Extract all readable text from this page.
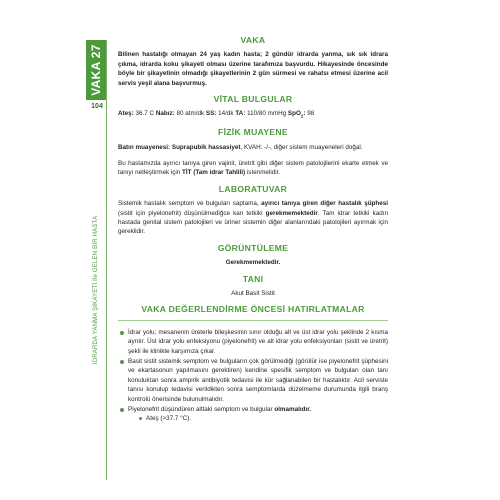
VAKA 27
104
İDRARDA YANMA ŞİKAYETİ İle GELEN BİR HASTA
VAKA

Bilinen hastalığı olmayan 24 yaş kadın hasta; 2 gündür idrarda yanma, sık sık idrara çıkma, idrarda koku şikayeti olması üzerine tarafımıza başvurdu. Hikayesinde öncesinde böyle bir şikayetinin olmadığı şikayetlerinin 2 gün sürmesi ve rahatsı etmesi üzerine acil servis yeşil alana başvurmuş.

VİTAL BULGULAR

Ateş: 36.7 C Nabız: 80 atm/dk SS: 14/dk TA: 110/80 mmHg SpO$_2$: 98

FİZİK MUAYENE

Batın muayenesi: Suprapubik hassasiyet, KVAH: -/-, diğer sistem muayeneleri doğal.

Bu hastamızda ayırıcı tanıya giren vajinit, üretrit gibi diğer sistem patolojilerini ekarte etmek ve tanıyı netleştirmek için TİT (Tam idrar Tahlili) istenmelidir.

LABORATUVAR

Sistemik hastalık semptom ve bulguları saptama, ayırıcı tanıya giren diğer hastalık şüphesi (sistit için piyelonefrit) düşünülmediğce kan tetkiki gerekmemektedir. Tam idrar tetkiki kadın hastada genital sistem patolojileri ve üriner sistemin diğer alanlarındaki patolojileri ayırmak için gereklidir.

GÖRÜNTÜLEME

Gerekmemektedir.

TANI

Akut Basit Sistit

VAKA DEĞERLENDİRME ÖNCESİ HATIRLATMALAR
İdrar yolu; mesanenin üreterle bileşkesinin sınır olduğu alt ve üst idrar yolu şeklinde 2 kısma ayrılır. Üst idrar yolu enfeksiyonu (piyelonefrit) ve alt idrar yolu enfeksiyonları (sistit ve üretrit) şekli ile klinikte karşımıza çıkar.
Basit sistit sistemik semptom ve bulguların çok görülmediği (görülür ise piyelonefrit şüphesini ve ekartasonun yapılmasını gerektiren) kendine spesifik semptom ve bulguları olan tanı konuluktan sonra ampirik antibiyotik tedavisi ile kür sağlanabilen bir hastalıktır. Acil serviste tanısı konulup tedavisi verildikten sonra semptomlarda düzelmeme durumunda ilgili branş kontrolü önerisinde bulunulmalıdır.
Piyelonefrit düşündüren alttaki semptom ve bulgular olmamalıdır.
Ateş (>37.7 °C).
